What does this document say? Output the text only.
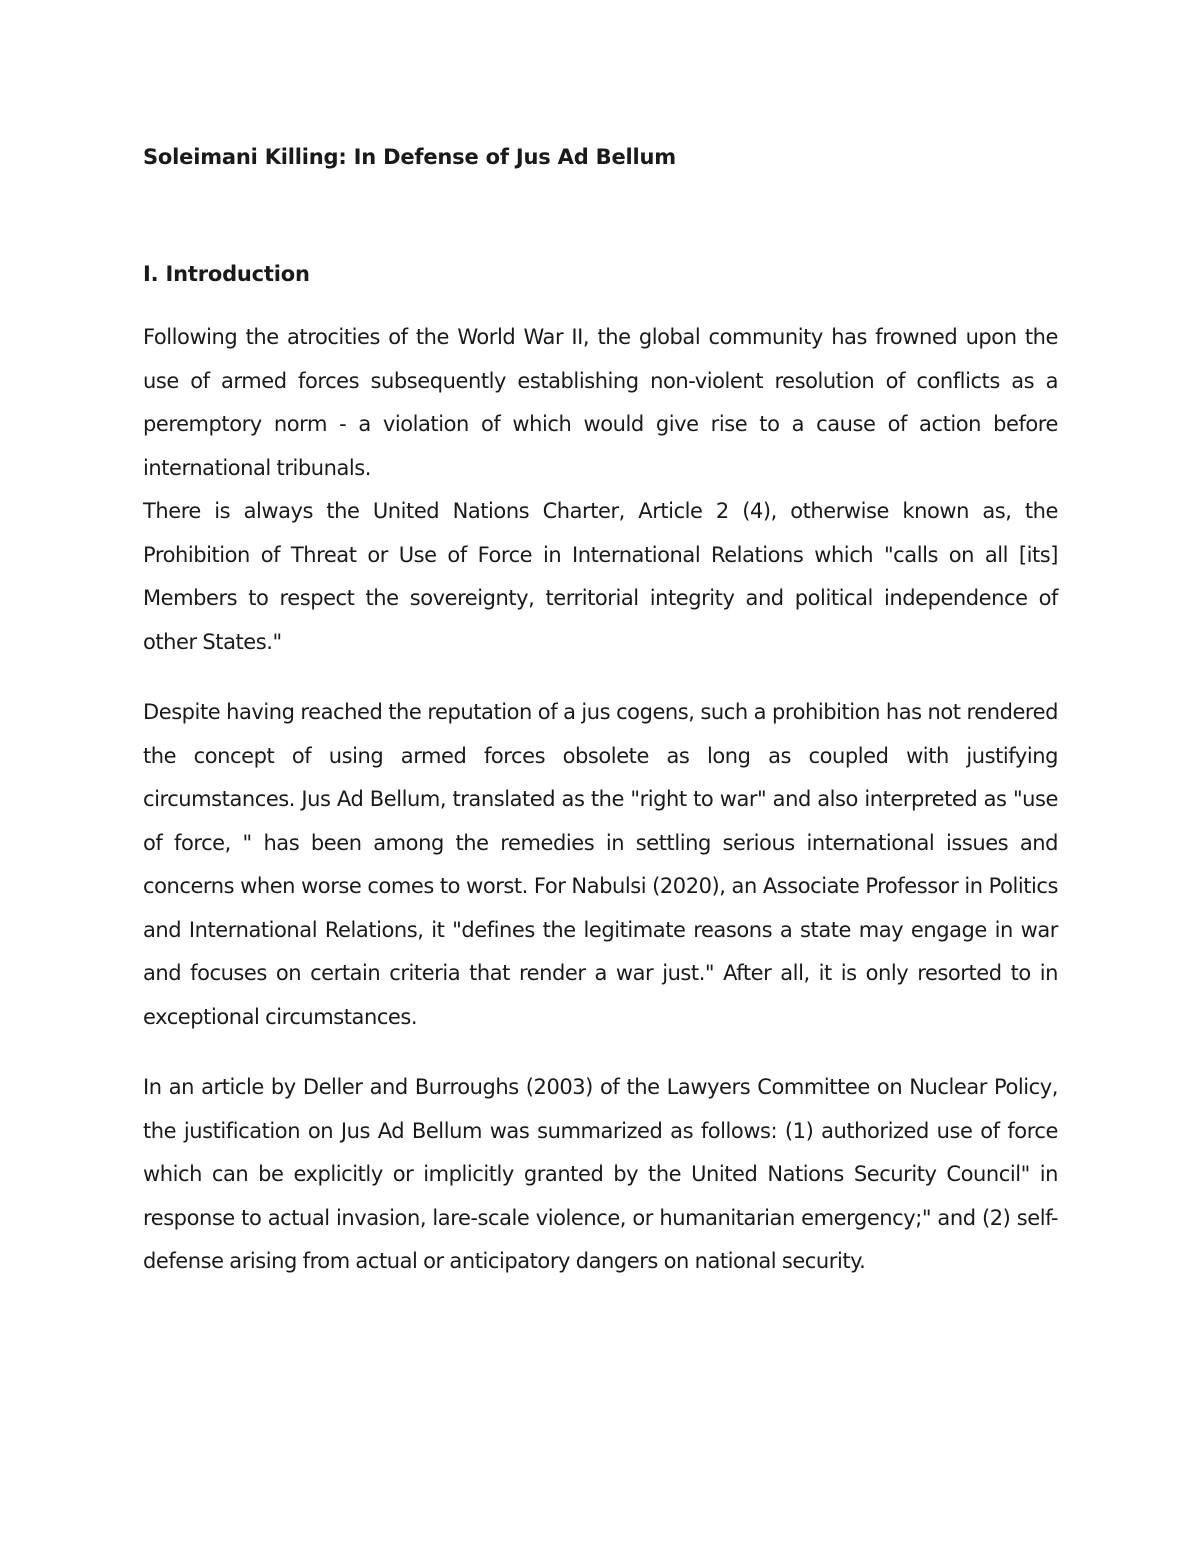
Soleimani Killing: In Defense of Jus Ad Bellum
I. Introduction

Following the atrocities of the World War II, the global community has frowned upon the use of armed forces subsequently establishing non-violent resolution of conflicts as a peremptory norm - a violation of which would give rise to a cause of action before international tribunals.

There is always the United Nations Charter, Article 2 (4), otherwise known as, the Prohibition of Threat or Use of Force in International Relations which "calls on all [its] Members to respect the sovereignty, territorial integrity and political independence of other States."

Despite having reached the reputation of a jus cogens, such a prohibition has not rendered the concept of using armed forces obsolete as long as coupled with justifying circumstances. Jus Ad Bellum, translated as the "right to war" and also interpreted as "use of force, " has been among the remedies in settling serious international issues and concerns when worse comes to worst. For Nabulsi (2020), an Associate Professor in Politics and International Relations, it "defines the legitimate reasons a state may engage in war and focuses on certain criteria that render a war just." After all, it is only resorted to in exceptional circumstances.

In an article by Deller and Burroughs (2003) of the Lawyers Committee on Nuclear Policy, the justification on Jus Ad Bellum was summarized as follows: (1) authorized use of force which can be explicitly or implicitly granted by the United Nations Security Council" in response to actual invasion, lare-scale violence, or humanitarian emergency;" and (2) self-defense arising from actual or anticipatory dangers on national security.
